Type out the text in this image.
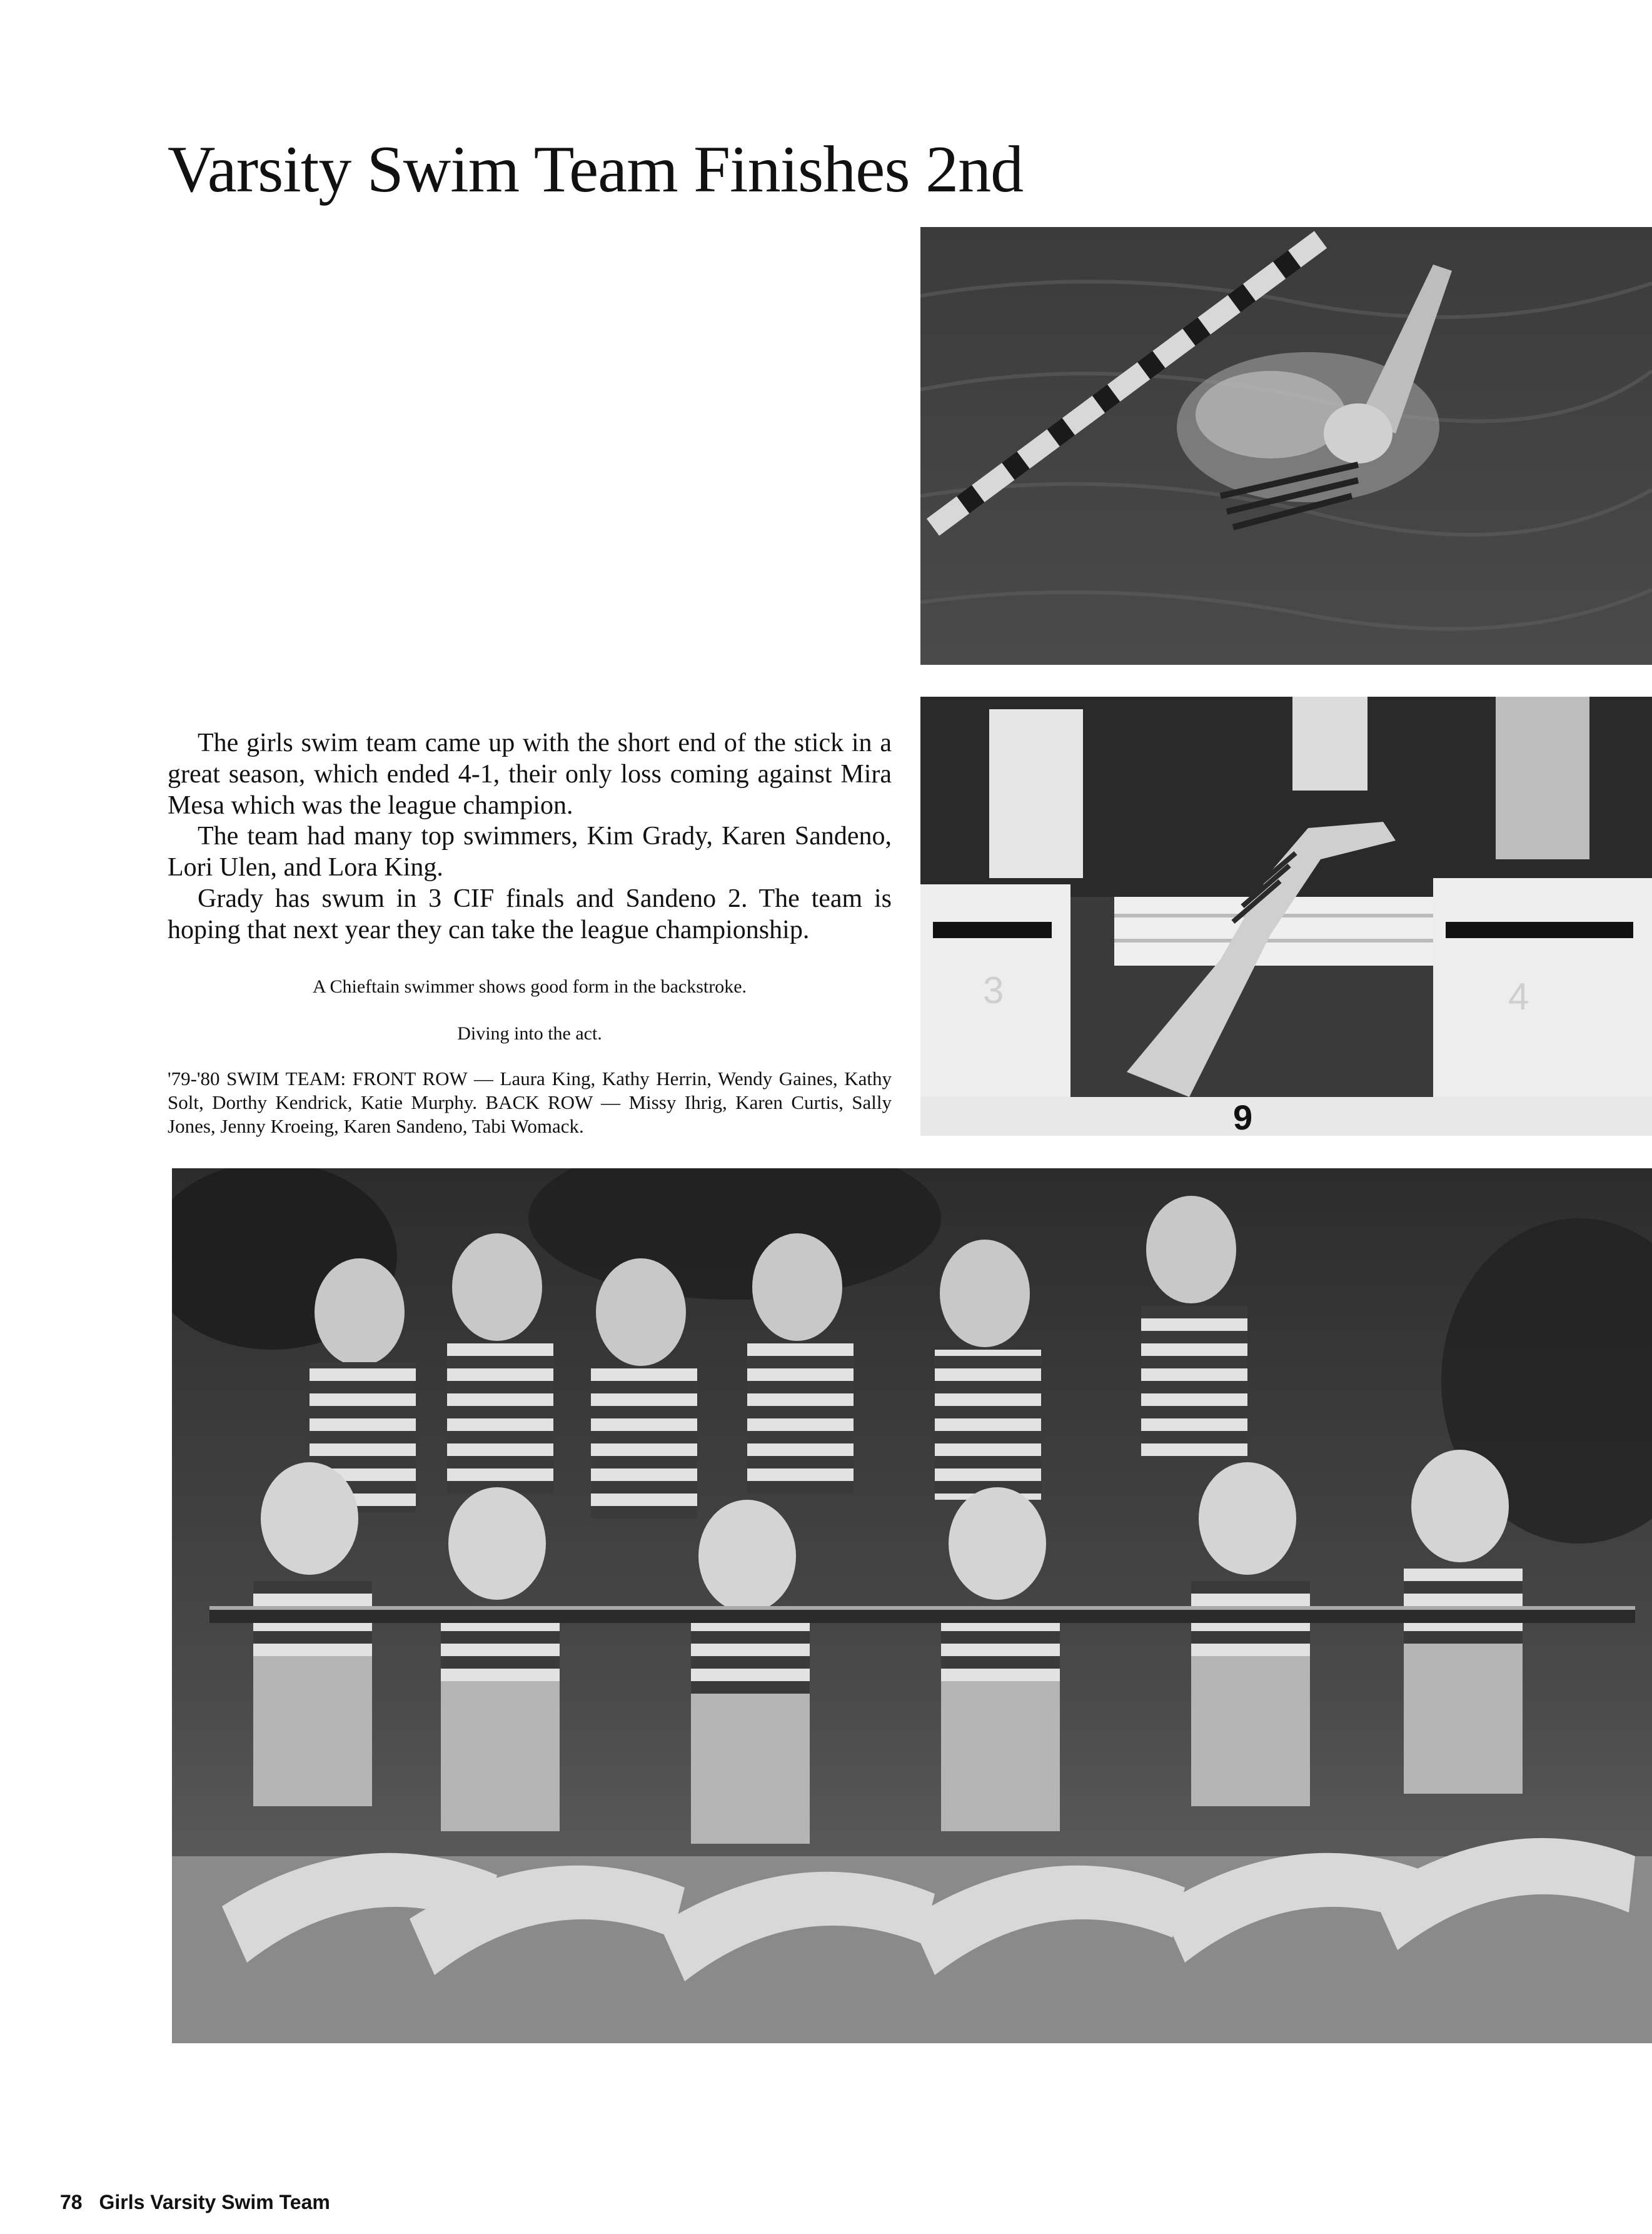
Varsity Swim Team Finishes 2nd
3	4
9

The girls swim team came up with the short end of the stick in a great season, which ended 4-1, their only loss coming against Mira Mesa which was the league champion.

The team had many top swimmers, Kim Grady, Karen Sandeno, Lori Ulen, and Lora King.

Grady has swum in 3 CIF finals and Sandeno 2. The team is hoping that next year they can take the league championship.

A Chieftain swimmer shows good form in the backstroke.
Diving into the act.
'79-'80 SWIM TEAM: FRONT ROW — Laura King, Kathy Herrin, Wendy Gaines, Kathy Solt, Dorthy Kendrick, Katie Murphy. BACK ROW — Missy Ihrig, Karen Curtis, Sally Jones, Jenny Kroeing, Karen Sandeno, Tabi Womack.
78 Girls Varsity Swim Team
